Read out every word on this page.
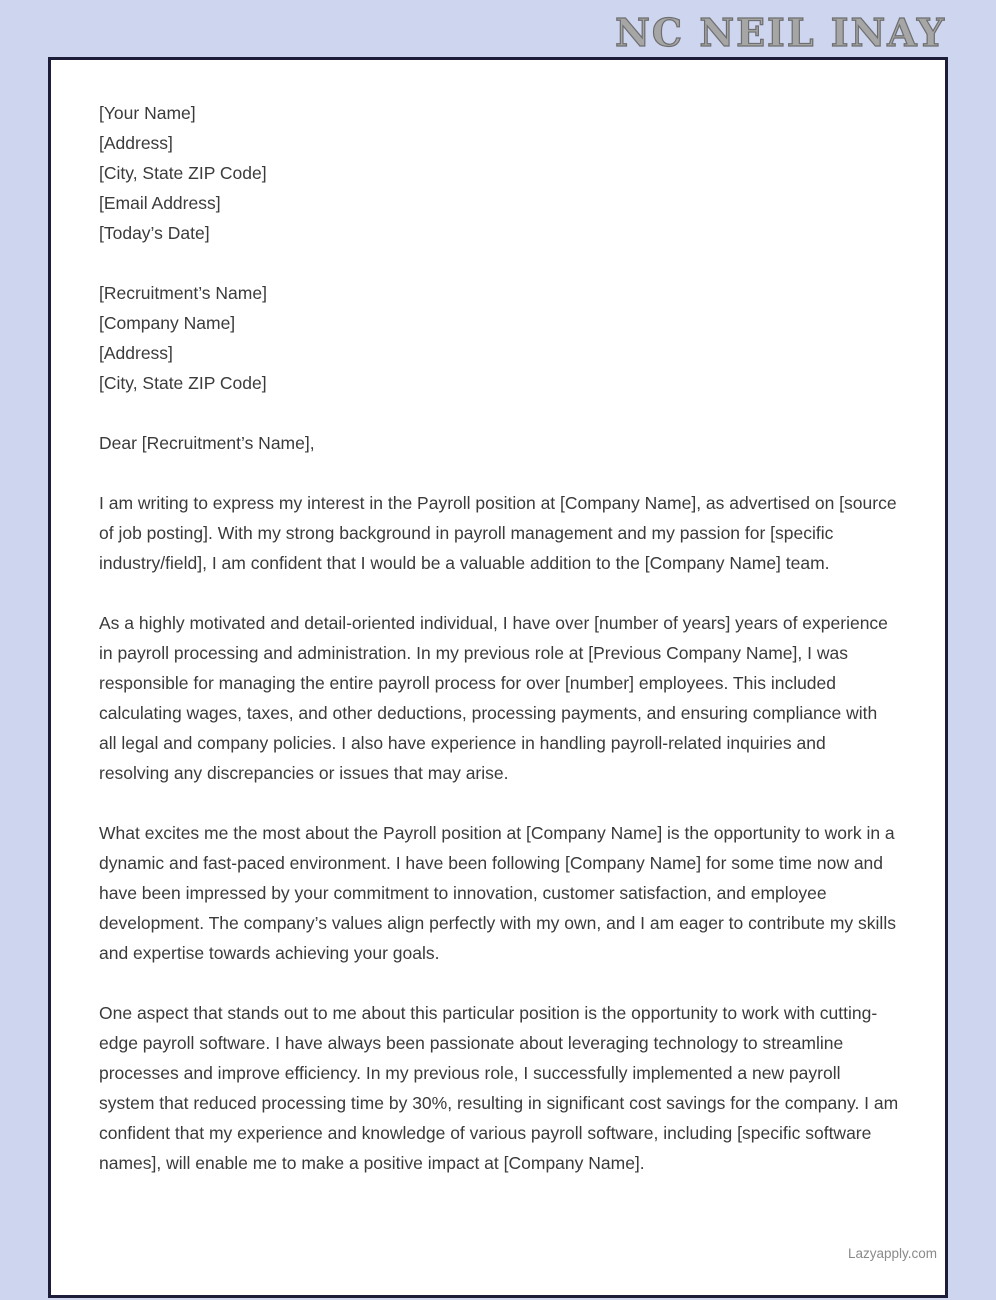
NC NEIL INAY
[Your Name]
[Address]
[City, State ZIP Code]
[Email Address]
[Today’s Date]
[Recruitment’s Name]
[Company Name]
[Address]
[City, State ZIP Code]
Dear [Recruitment’s Name],

I am writing to express my interest in the Payroll position at [Company Name], as advertised on [source of job posting]. With my strong background in payroll management and my passion for [specific industry/field], I am confident that I would be a valuable addition to the [Company Name] team.

As a highly motivated and detail-oriented individual, I have over [number of years] years of experience in payroll processing and administration. In my previous role at [Previous Company Name], I was responsible for managing the entire payroll process for over [number] employees. This included calculating wages, taxes, and other deductions, processing payments, and ensuring compliance with all legal and company policies. I also have experience in handling payroll-related inquiries and resolving any discrepancies or issues that may arise.

What excites me the most about the Payroll position at [Company Name] is the opportunity to work in a dynamic and fast-paced environment. I have been following [Company Name] for some time now and have been impressed by your commitment to innovation, customer satisfaction, and employee development. The company’s values align perfectly with my own, and I am eager to contribute my skills and expertise towards achieving your goals.

One aspect that stands out to me about this particular position is the opportunity to work with cutting-edge payroll software. I have always been passionate about leveraging technology to streamline processes and improve efficiency. In my previous role, I successfully implemented a new payroll system that reduced processing time by 30%, resulting in significant cost savings for the company. I am confident that my experience and knowledge of various payroll software, including [specific software names], will enable me to make a positive impact at [Company Name].

Lazyapply.com
